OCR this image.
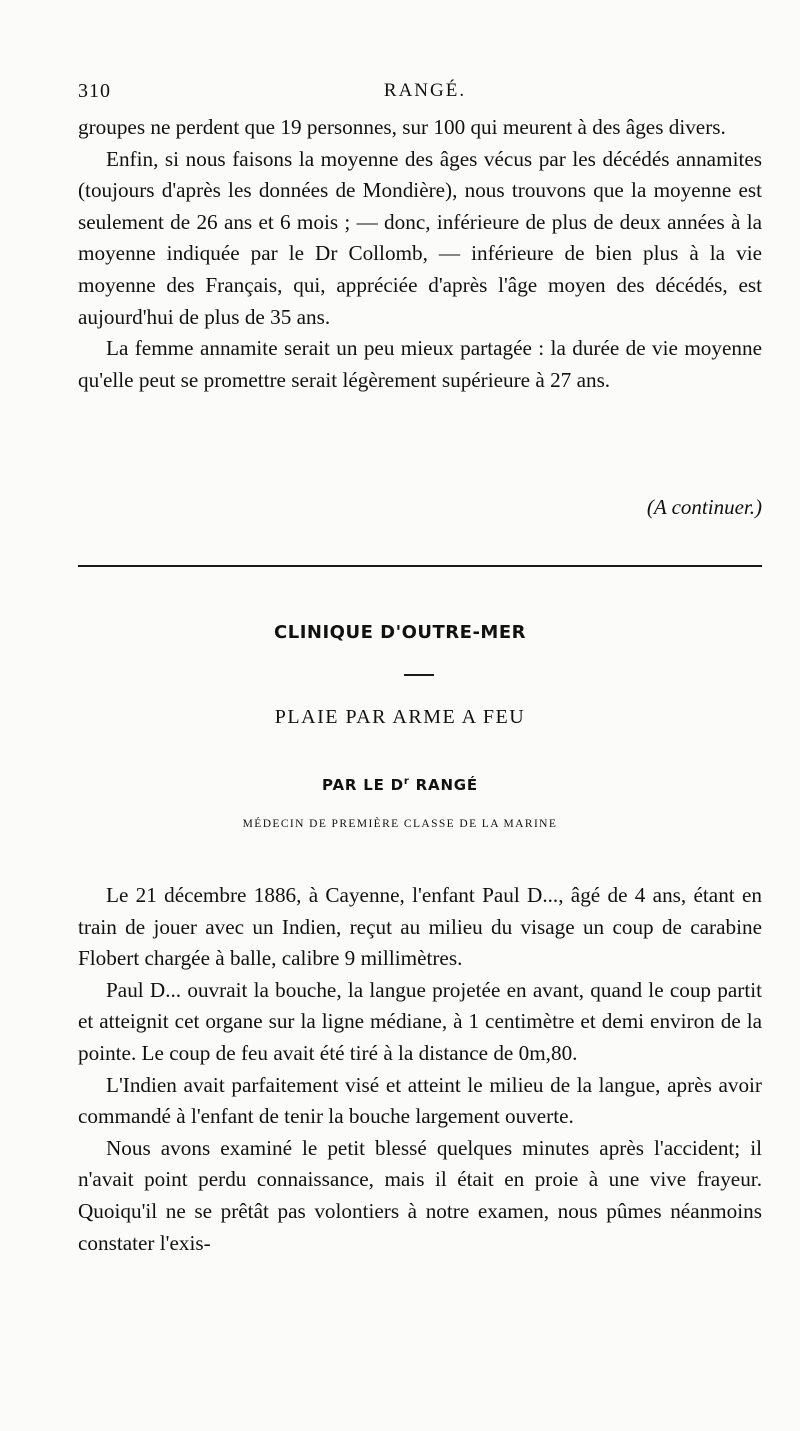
310	RANGÉ.

groupes ne perdent que 19 personnes, sur 100 qui meurent à des âges divers.

Enfin, si nous faisons la moyenne des âges vécus par les décédés annamites (toujours d'après les données de Mondière), nous trouvons que la moyenne est seulement de 26 ans et 6 mois ; — donc, inférieure de plus de deux années à la moyenne indiquée par le Dr Collomb, — inférieure de bien plus à la vie moyenne des Français, qui, appréciée d'après l'âge moyen des décédés, est aujourd'hui de plus de 35 ans.

La femme annamite serait un peu mieux partagée : la durée de vie moyenne qu'elle peut se promettre serait légèrement supérieure à 27 ans.

(A continuer.)
CLINIQUE D'OUTRE-MER
PLAIE PAR ARME A FEU
PAR LE $D^r$ RANGÉ
MÉDECIN DE PREMIÈRE CLASSE DE LA MARINE

Le 21 décembre 1886, à Cayenne, l'enfant Paul D..., âgé de 4 ans, étant en train de jouer avec un Indien, reçut au milieu du visage un coup de carabine Flobert chargée à balle, calibre 9 millimètres.

Paul D... ouvrait la bouche, la langue projetée en avant, quand le coup partit et atteignit cet organe sur la ligne médiane, à 1 centimètre et demi environ de la pointe. Le coup de feu avait été tiré à la distance de 0m,80.

L'Indien avait parfaitement visé et atteint le milieu de la langue, après avoir commandé à l'enfant de tenir la bouche largement ouverte.

Nous avons examiné le petit blessé quelques minutes après l'accident; il n'avait point perdu connaissance, mais il était en proie à une vive frayeur. Quoiqu'il ne se prêtât pas volontiers à notre examen, nous pûmes néanmoins constater l'exis-
